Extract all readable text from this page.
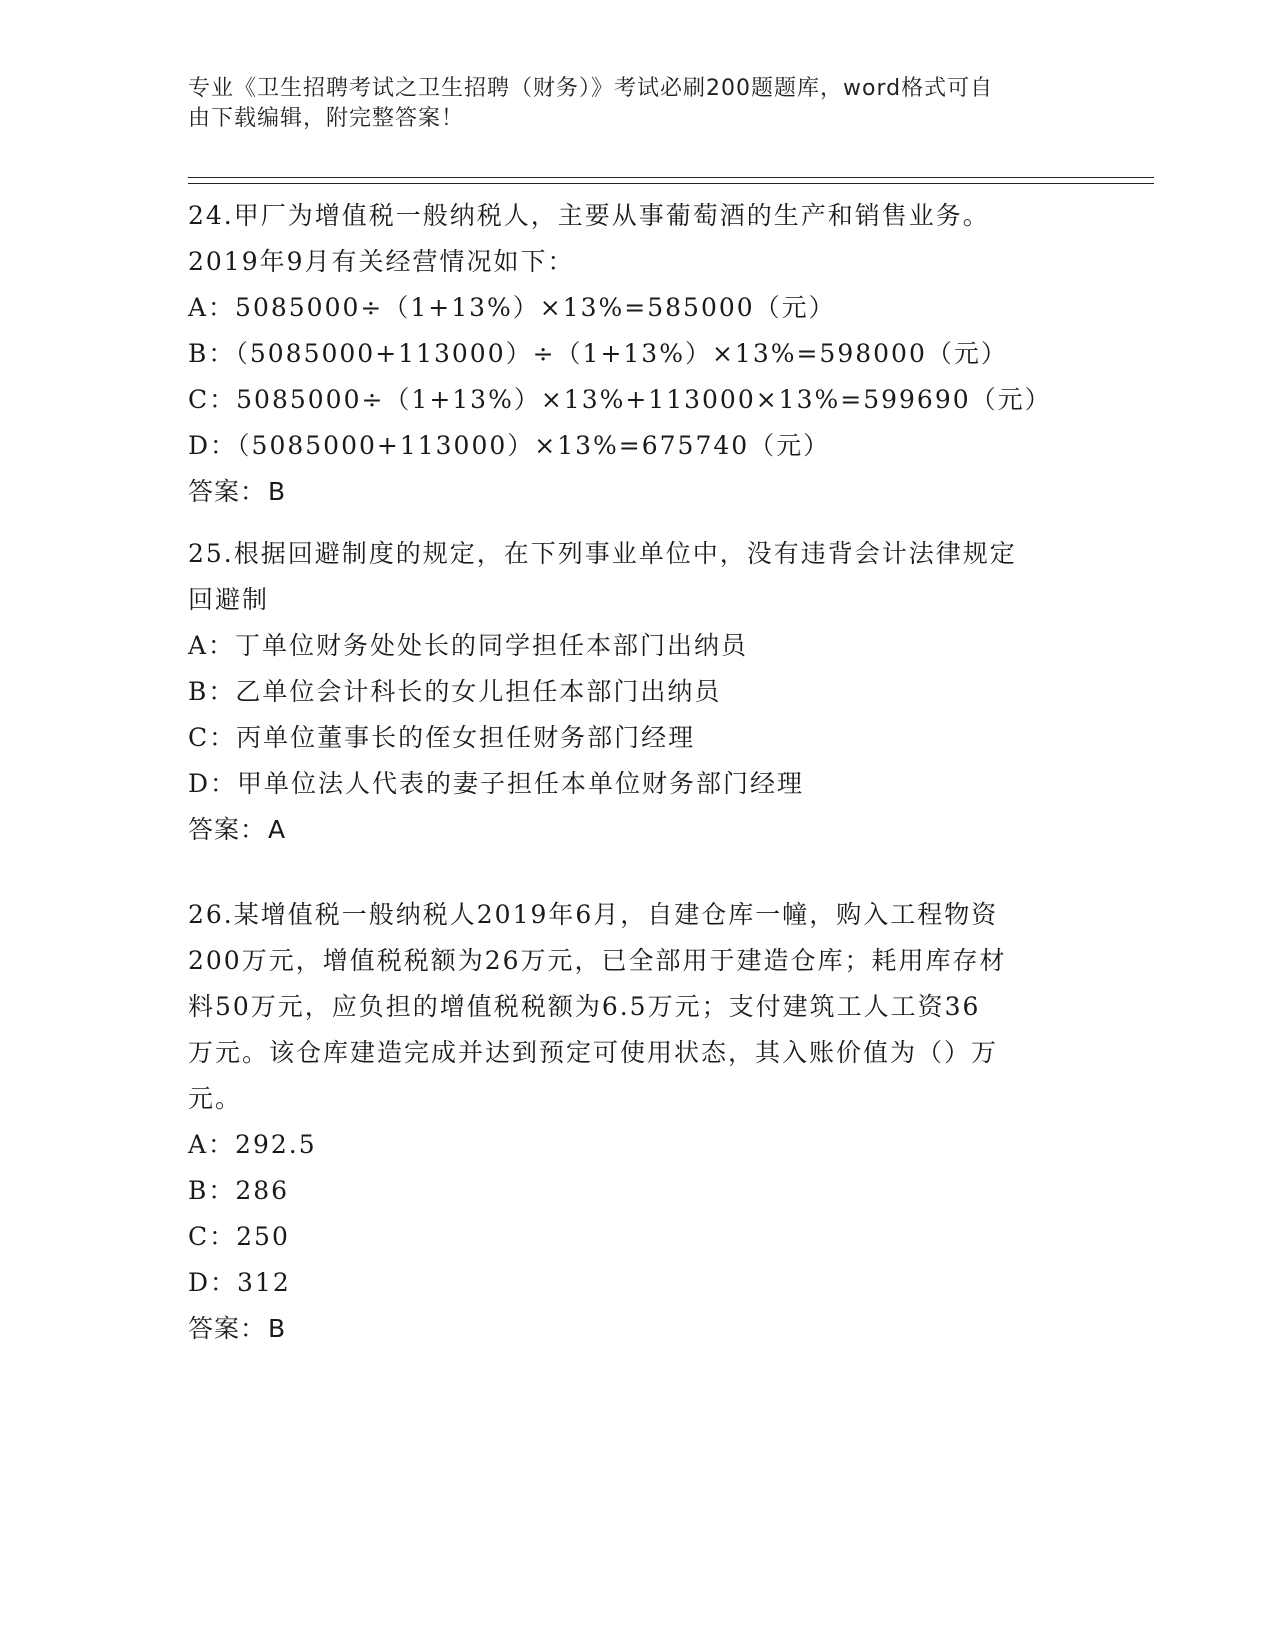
专业《卫生招聘考试之卫生招聘（财务）》考试必刷200题题库，word格式可自
由下载编辑，附完整答案！
24.甲厂为增值税一般纳税人，主要从事葡萄酒的生产和销售业务。
2019年9月有关经营情况如下：
A：5085000÷（1+13%）×13%=585000（元）
B：（5085000+113000）÷（1+13%）×13%=598000（元）
C：5085000÷（1+13%）×13%+113000×13%=599690（元）
D：（5085000+113000）×13%=675740（元）
答案：B
25.根据回避制度的规定，在下列事业单位中，没有违背会计法律规定
回避制
A：丁单位财务处处长的同学担任本部门出纳员
B：乙单位会计科长的女儿担任本部门出纳员
C：丙单位董事长的侄女担任财务部门经理
D：甲单位法人代表的妻子担任本单位财务部门经理
答案：A
26.某增值税一般纳税人2019年6月，自建仓库一幢，购入工程物资
200万元，增值税税额为26万元，已全部用于建造仓库；耗用库存材
料50万元，应负担的增值税税额为6.5万元；支付建筑工人工资36
万元。该仓库建造完成并达到预定可使用状态，其入账价值为（）万
元。
A：292.5
B：286
C：250
D：312
答案：B
